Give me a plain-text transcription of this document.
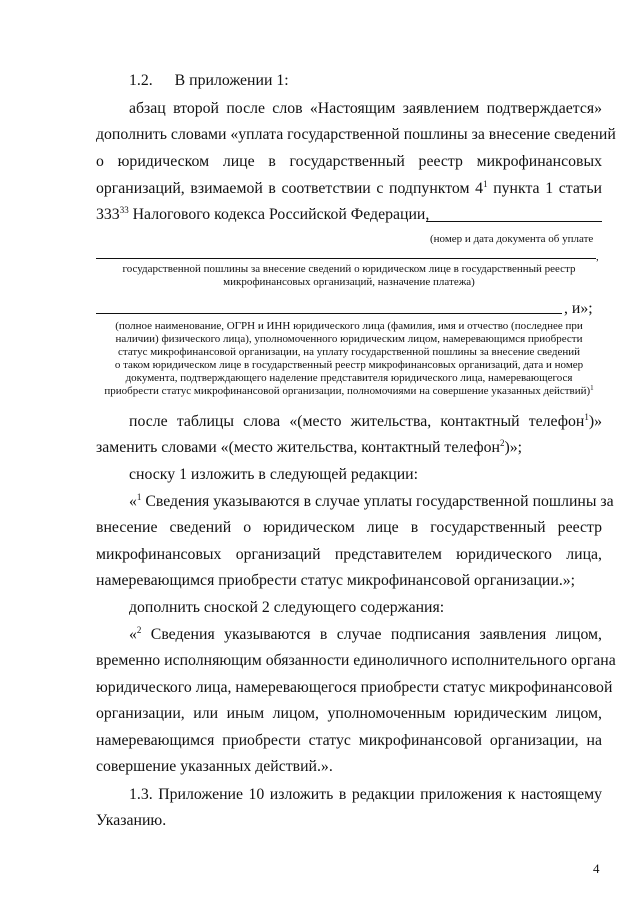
1.2. В приложении 1:
абзац второй после слов «Настоящим заявлением подтверждается»
дополнить словами «уплата государственной пошлины за внесение сведений
о юридическом лице в государственный реестр микрофинансовых
организаций, взимаемой в соответствии с подпунктом $4^1$ пункта 1 статьи
$333^{33}$ Налогового кодекса Российской Федерации,
(номер и дата документа об уплате
,
государственной пошлины за внесение сведений о юридическом лице в государственный реестр
микрофинансовых организаций, назначение платежа)
, и»;
(полное наименование, ОГРН и ИНН юридического лица (фамилия, имя и отчество (последнее при
наличии) физического лица), уполномоченного юридическим лицом, намеревающимся приобрести
статус микрофинансовой организации, на уплату государственной пошлины за внесение сведений
о таком юридическом лице в государственный реестр микрофинансовых организаций, дата и номер
документа, подтверждающего наделение представителя юридического лица, намеревающегося
приобрести статус микрофинансовой организации, полномочиями на совершение указанных действий)$^1$
после таблицы слова «(место жительства, контактный телефон$^1$)»
заменить словами «(место жительства, контактный телефон$^2$)»;
сноску 1 изложить в следующей редакции:
«$^1$ Сведения указываются в случае уплаты государственной пошлины за
внесение сведений о юридическом лице в государственный реестр
микрофинансовых организаций представителем юридического лица,
намеревающимся приобрести статус микрофинансовой организации.»;
дополнить сноской 2 следующего содержания:
«$^2$ Сведения указываются в случае подписания заявления лицом,
временно исполняющим обязанности единоличного исполнительного органа
юридического лица, намеревающегося приобрести статус микрофинансовой
организации, или иным лицом, уполномоченным юридическим лицом,
намеревающимся приобрести статус микрофинансовой организации, на
совершение указанных действий.».
1.3. Приложение 10 изложить в редакции приложения к настоящему
Указанию.
4
